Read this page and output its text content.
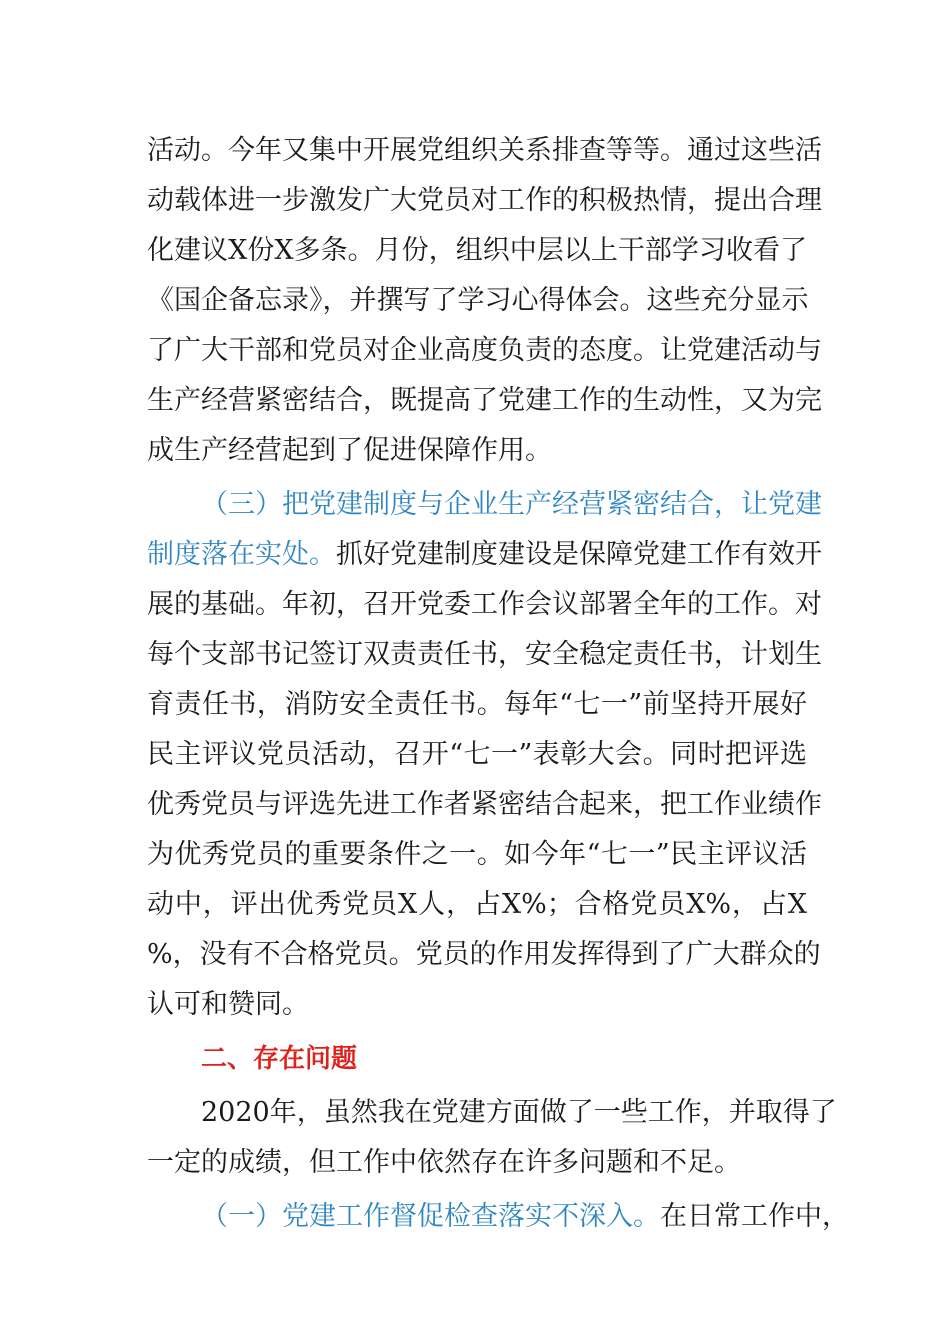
活动。今年又集中开展党组织关系排查等等。通过这些活
动载体进一步激发广大党员对工作的积极热情，提出合理
化建议X份X多条。月份，组织中层以上干部学习收看了
《国企备忘录》，并撰写了学习心得体会。这些充分显示
了广大干部和党员对企业高度负责的态度。让党建活动与
生产经营紧密结合，既提高了党建工作的生动性，又为完
成生产经营起到了促进保障作用。
（三）把党建制度与企业生产经营紧密结合，让党建
制度落在实处。抓好党建制度建设是保障党建工作有效开
展的基础。年初，召开党委工作会议部署全年的工作。对
每个支部书记签订双责责任书，安全稳定责任书，计划生
育责任书，消防安全责任书。每年“七一”前坚持开展好
民主评议党员活动，召开“七一”表彰大会。同时把评选
优秀党员与评选先进工作者紧密结合起来，把工作业绩作
为优秀党员的重要条件之一。如今年“七一”民主评议活
动中，评出优秀党员X人，占X%；合格党员X%，占X
%，没有不合格党员。党员的作用发挥得到了广大群众的
认可和赞同。
二、存在问题
2020年，虽然我在党建方面做了一些工作，并取得了
一定的成绩，但工作中依然存在许多问题和不足。
（一）党建工作督促检查落实不深入。在日常工作中，
